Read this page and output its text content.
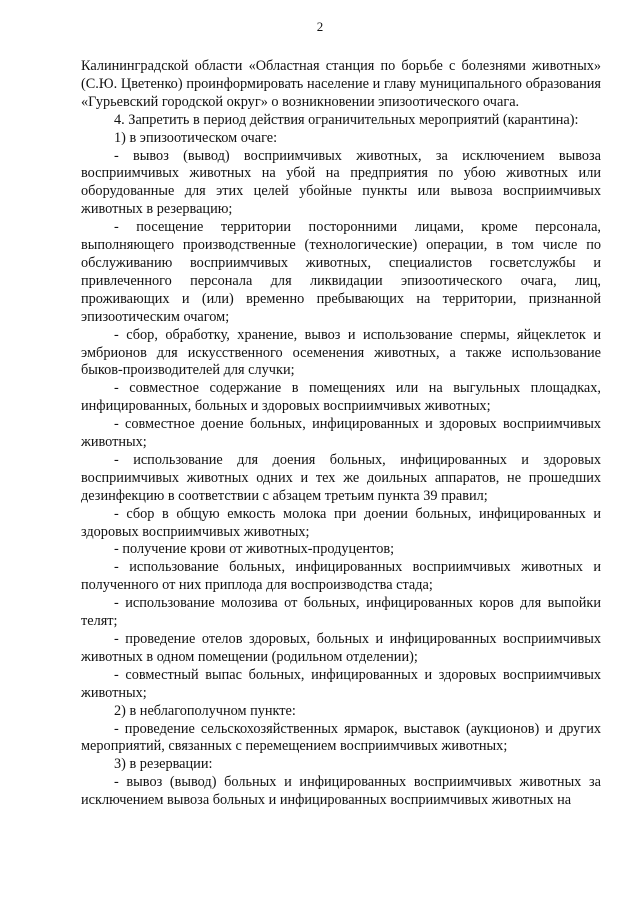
2

Калининградской области «Областная станция по борьбе с болезнями животных» (С.Ю. Цветенко) проинформировать население и главу муниципального образования «Гурьевский городской округ» о возникновении эпизоотического очага.

4. Запретить в период действия ограничительных мероприятий (карантина):

1) в эпизоотическом очаге:

- вывоз (вывод) восприимчивых животных, за исключением вывоза восприимчивых животных на убой на предприятия по убою животных или оборудованные для этих целей убойные пункты или вывоза восприимчивых животных в резервацию;

- посещение территории посторонними лицами, кроме персонала, выполняющего производственные (технологические) операции, в том числе по обслуживанию восприимчивых животных, специалистов госветслужбы и привлеченного персонала для ликвидации эпизоотического очага, лиц, проживающих и (или) временно пребывающих на территории, признанной эпизоотическим очагом;

- сбор, обработку, хранение, вывоз и использование спермы, яйцеклеток и эмбрионов для искусственного осеменения животных, а также использование быков-производителей для случки;

- совместное содержание в помещениях или на выгульных площадках, инфицированных, больных и здоровых восприимчивых животных;

- совместное доение больных, инфицированных и здоровых восприимчивых животных;

- использование для доения больных, инфицированных и здоровых восприимчивых животных одних и тех же доильных аппаратов, не прошедших дезинфекцию в соответствии с абзацем третьим пункта 39 правил;

- сбор в общую емкость молока при доении больных, инфицированных и здоровых восприимчивых животных;

- получение крови от животных-продуцентов;

- использование больных, инфицированных восприимчивых животных и полученного от них приплода для воспроизводства стада;

- использование молозива от больных, инфицированных коров для выпойки телят;

- проведение отелов здоровых, больных и инфицированных восприимчивых животных в одном помещении (родильном отделении);

- совместный выпас больных, инфицированных и здоровых восприимчивых животных;

2) в неблагополучном пункте:

- проведение сельскохозяйственных ярмарок, выставок (аукционов) и других мероприятий, связанных с перемещением восприимчивых животных;

3) в резервации:

- вывоз (вывод) больных и инфицированных восприимчивых животных за исключением вывоза больных и инфицированных восприимчивых животных на
